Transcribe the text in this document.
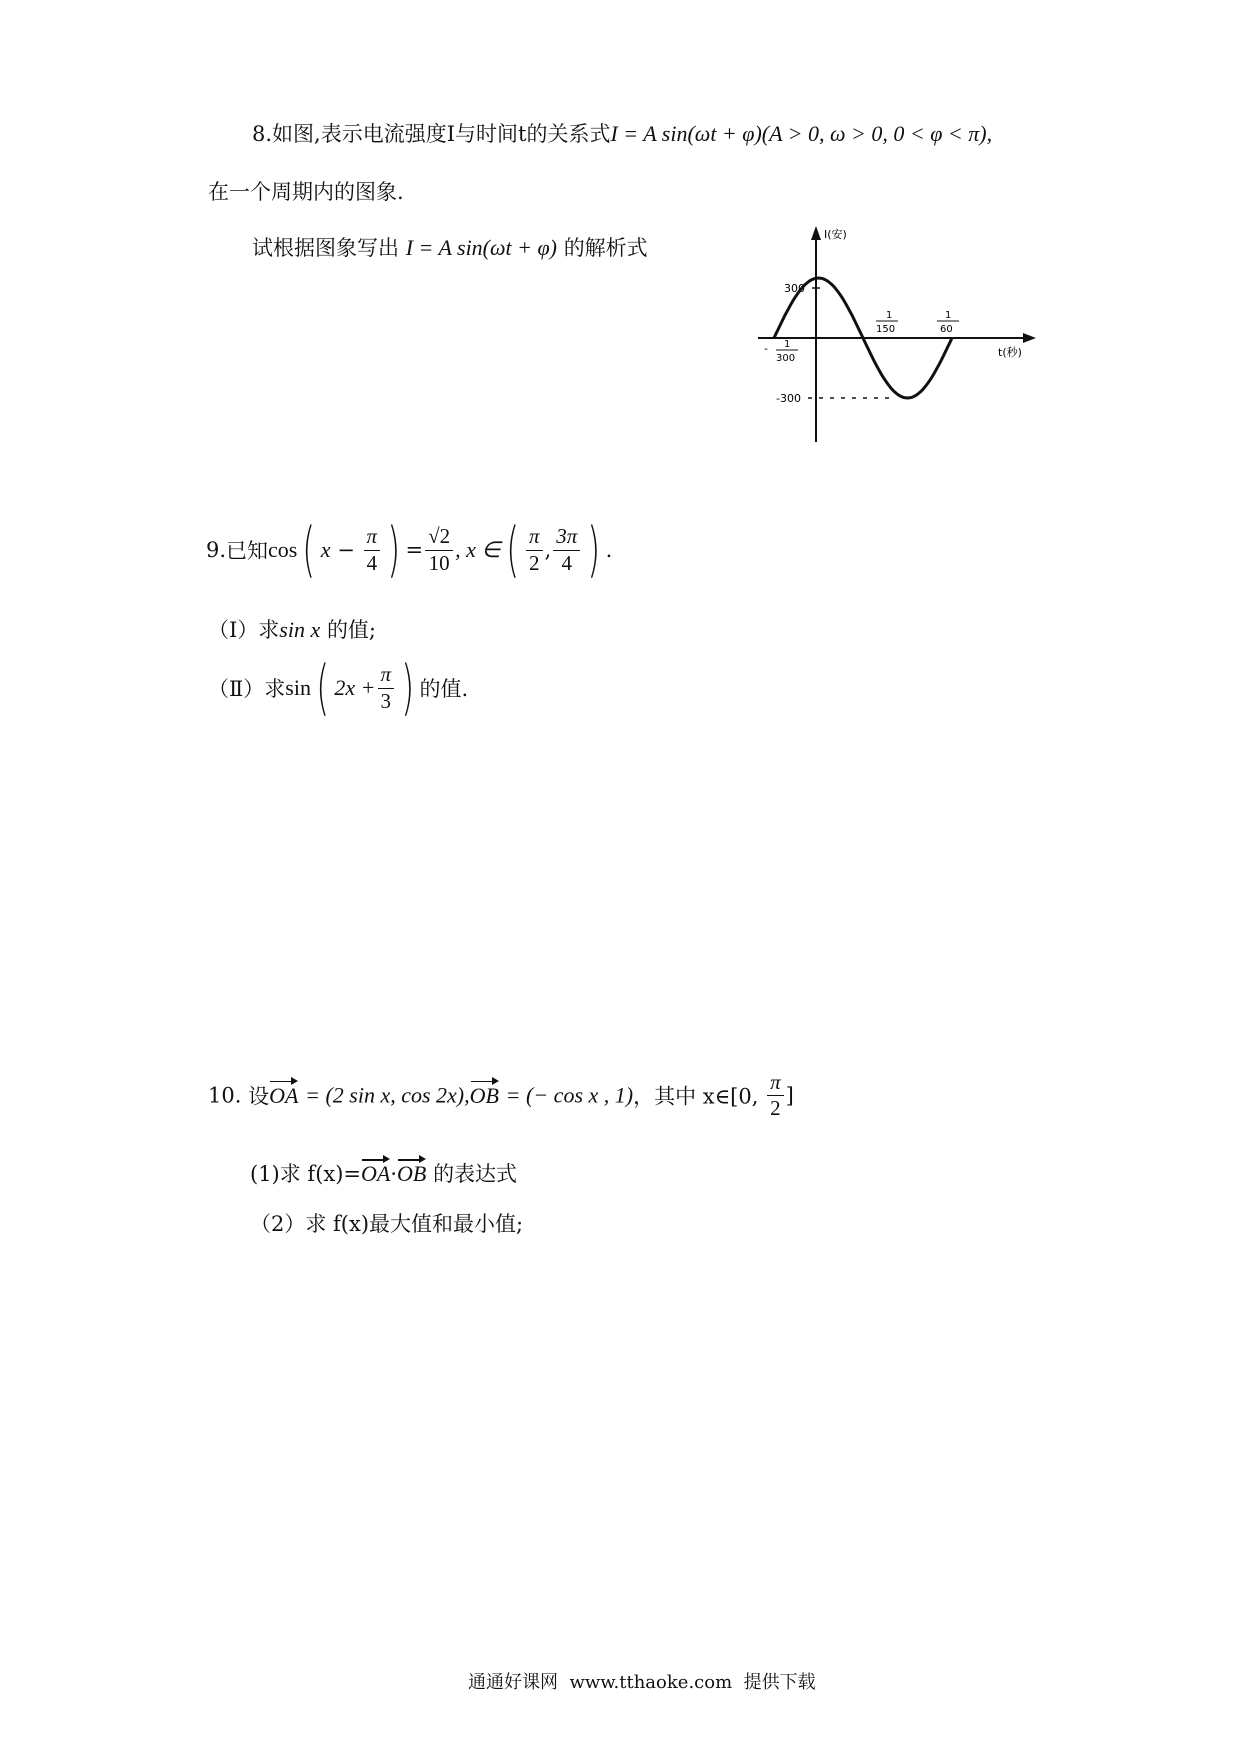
8.如图,表示电流强度I与时间t的关系式I = A sin(ωt + φ)(A > 0, ω > 0, 0 < φ < π),
在一个周期内的图象.
试根据图象写出 I = A sin(ωt + φ) 的解析式
I(安)
t(秒)
300
-300
- 1
300
1
150
1
60
9.已知cos( $x - \frac{\pi}{4}$ ) = $\frac{√2}{10}$ , x ∈( $\frac{\pi}{2}$ , $\frac{3\pi}{4}$ ) .
（Ⅰ）求sin x 的值;
（Ⅱ）求sin( $2x + \frac{\pi}{3}$ ) 的值.
10. 设OA = (2 sin x, cos 2x),OB = (− cos x , 1)，其中 x∈[0, $\frac{\pi}{2}$ ]
(1)求 f(x)=OA·OB 的表达式
（2）求 f(x)最大值和最小值;
通通好课网  www.tthaoke.com  提供下载
